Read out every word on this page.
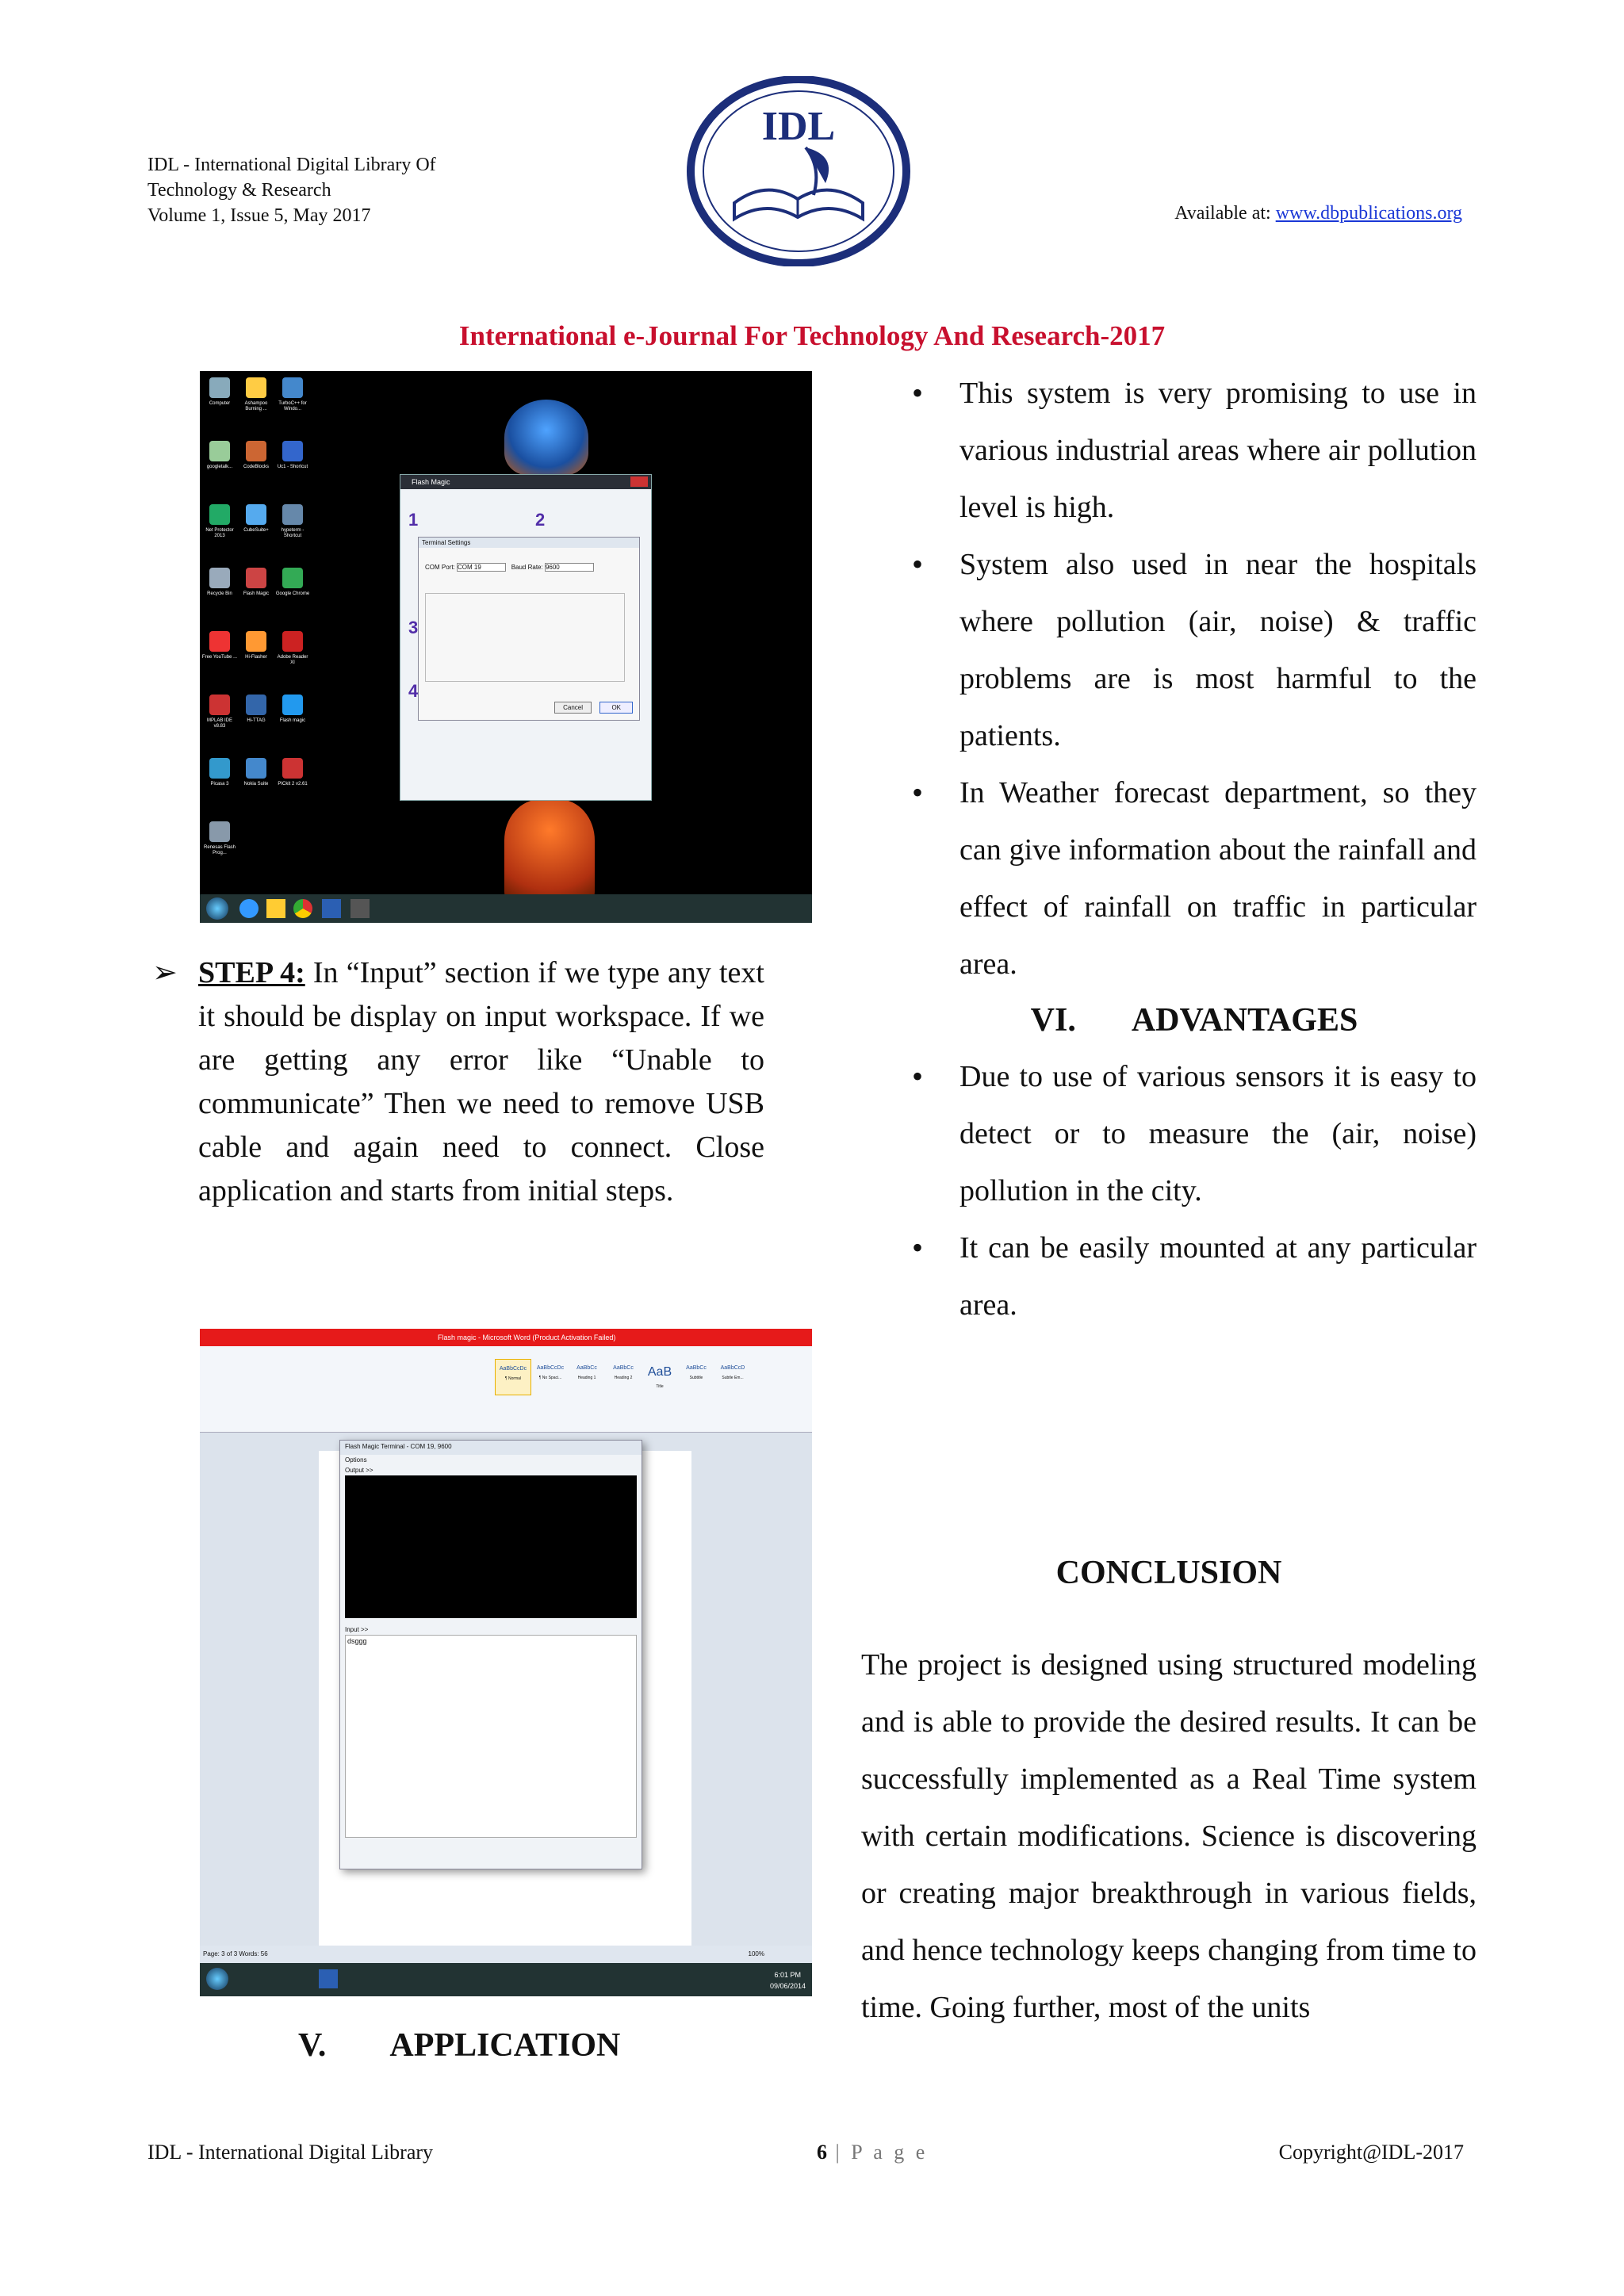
IDL - International Digital Library Of
Technology & Research
Volume 1, Issue 5, May 2017
IDL
Available at: www.dbpublications.org
International e-Journal For Technology And Research-2017
Computer	Ashampoo Burning ...
TurboC++ for Windo...
googletalk...	CodeBlocks	Uc1 - Shortcut
Net Protector 2013
CubeSuite+	hypeterm - Shortcut
Recycle Bin	Flash Magic	Google Chrome
Free YouTube ...	Hi-Flasher	Adobe Reader XI
MPLAB IDE v8.83
Hi-TTAG	Flash magic
Picasa 3	Nokia Suite	PICkit 2 v2.61
Renesas Flash Prog...
Flash Magic
1	2
3
4
Terminal Settings
COM Port: COM 19	Baud Rate: 9600
Cancel	OK
➢ STEP 4: In “Input” section if we type any text it should be display on input workspace. If we are getting any error like “Unable to communicate” Then we need to remove USB cable and again need to connect. Close application and starts from initial steps.
Flash magic - Microsoft Word (Product Activation Failed)
AaBbCcDc
¶ Normal
AaBbCcDc
¶ No Spaci...
AaBbCc
Heading 1
AaBbCc
Heading 2	AaB
Title
AaBbCc
Subtitle
AaBbCcD
Subtle Em...
Flash Magic Terminal - COM 19, 9600
Options
Output >>
Input >>
dsggg
Page: 3 of 3 Words: 56	100%
6:01 PM
09/06/2014
V. APPLICATION
• This system is very promising to use in various industrial areas where air pollution level is high.
• System also used in near the hospitals where pollution (air, noise) & traffic problems are is most harmful to the patients.
• In Weather forecast department, so they can give information about the rainfall and effect of rainfall on traffic in particular area.
VI. ADVANTAGES
• Due to use of various sensors it is easy to detect or to measure the (air, noise) pollution in the city.
• It can be easily mounted at any particular area.
CONCLUSION
The project is designed using structured modeling and is able to provide the desired results. It can be successfully implemented as a Real Time system with certain modifications. Science is discovering or creating major breakthrough in various fields, and hence technology keeps changing from time to time. Going further, most of the units
IDL - International Digital Library	6 | P a g e	Copyright@IDL-2017
